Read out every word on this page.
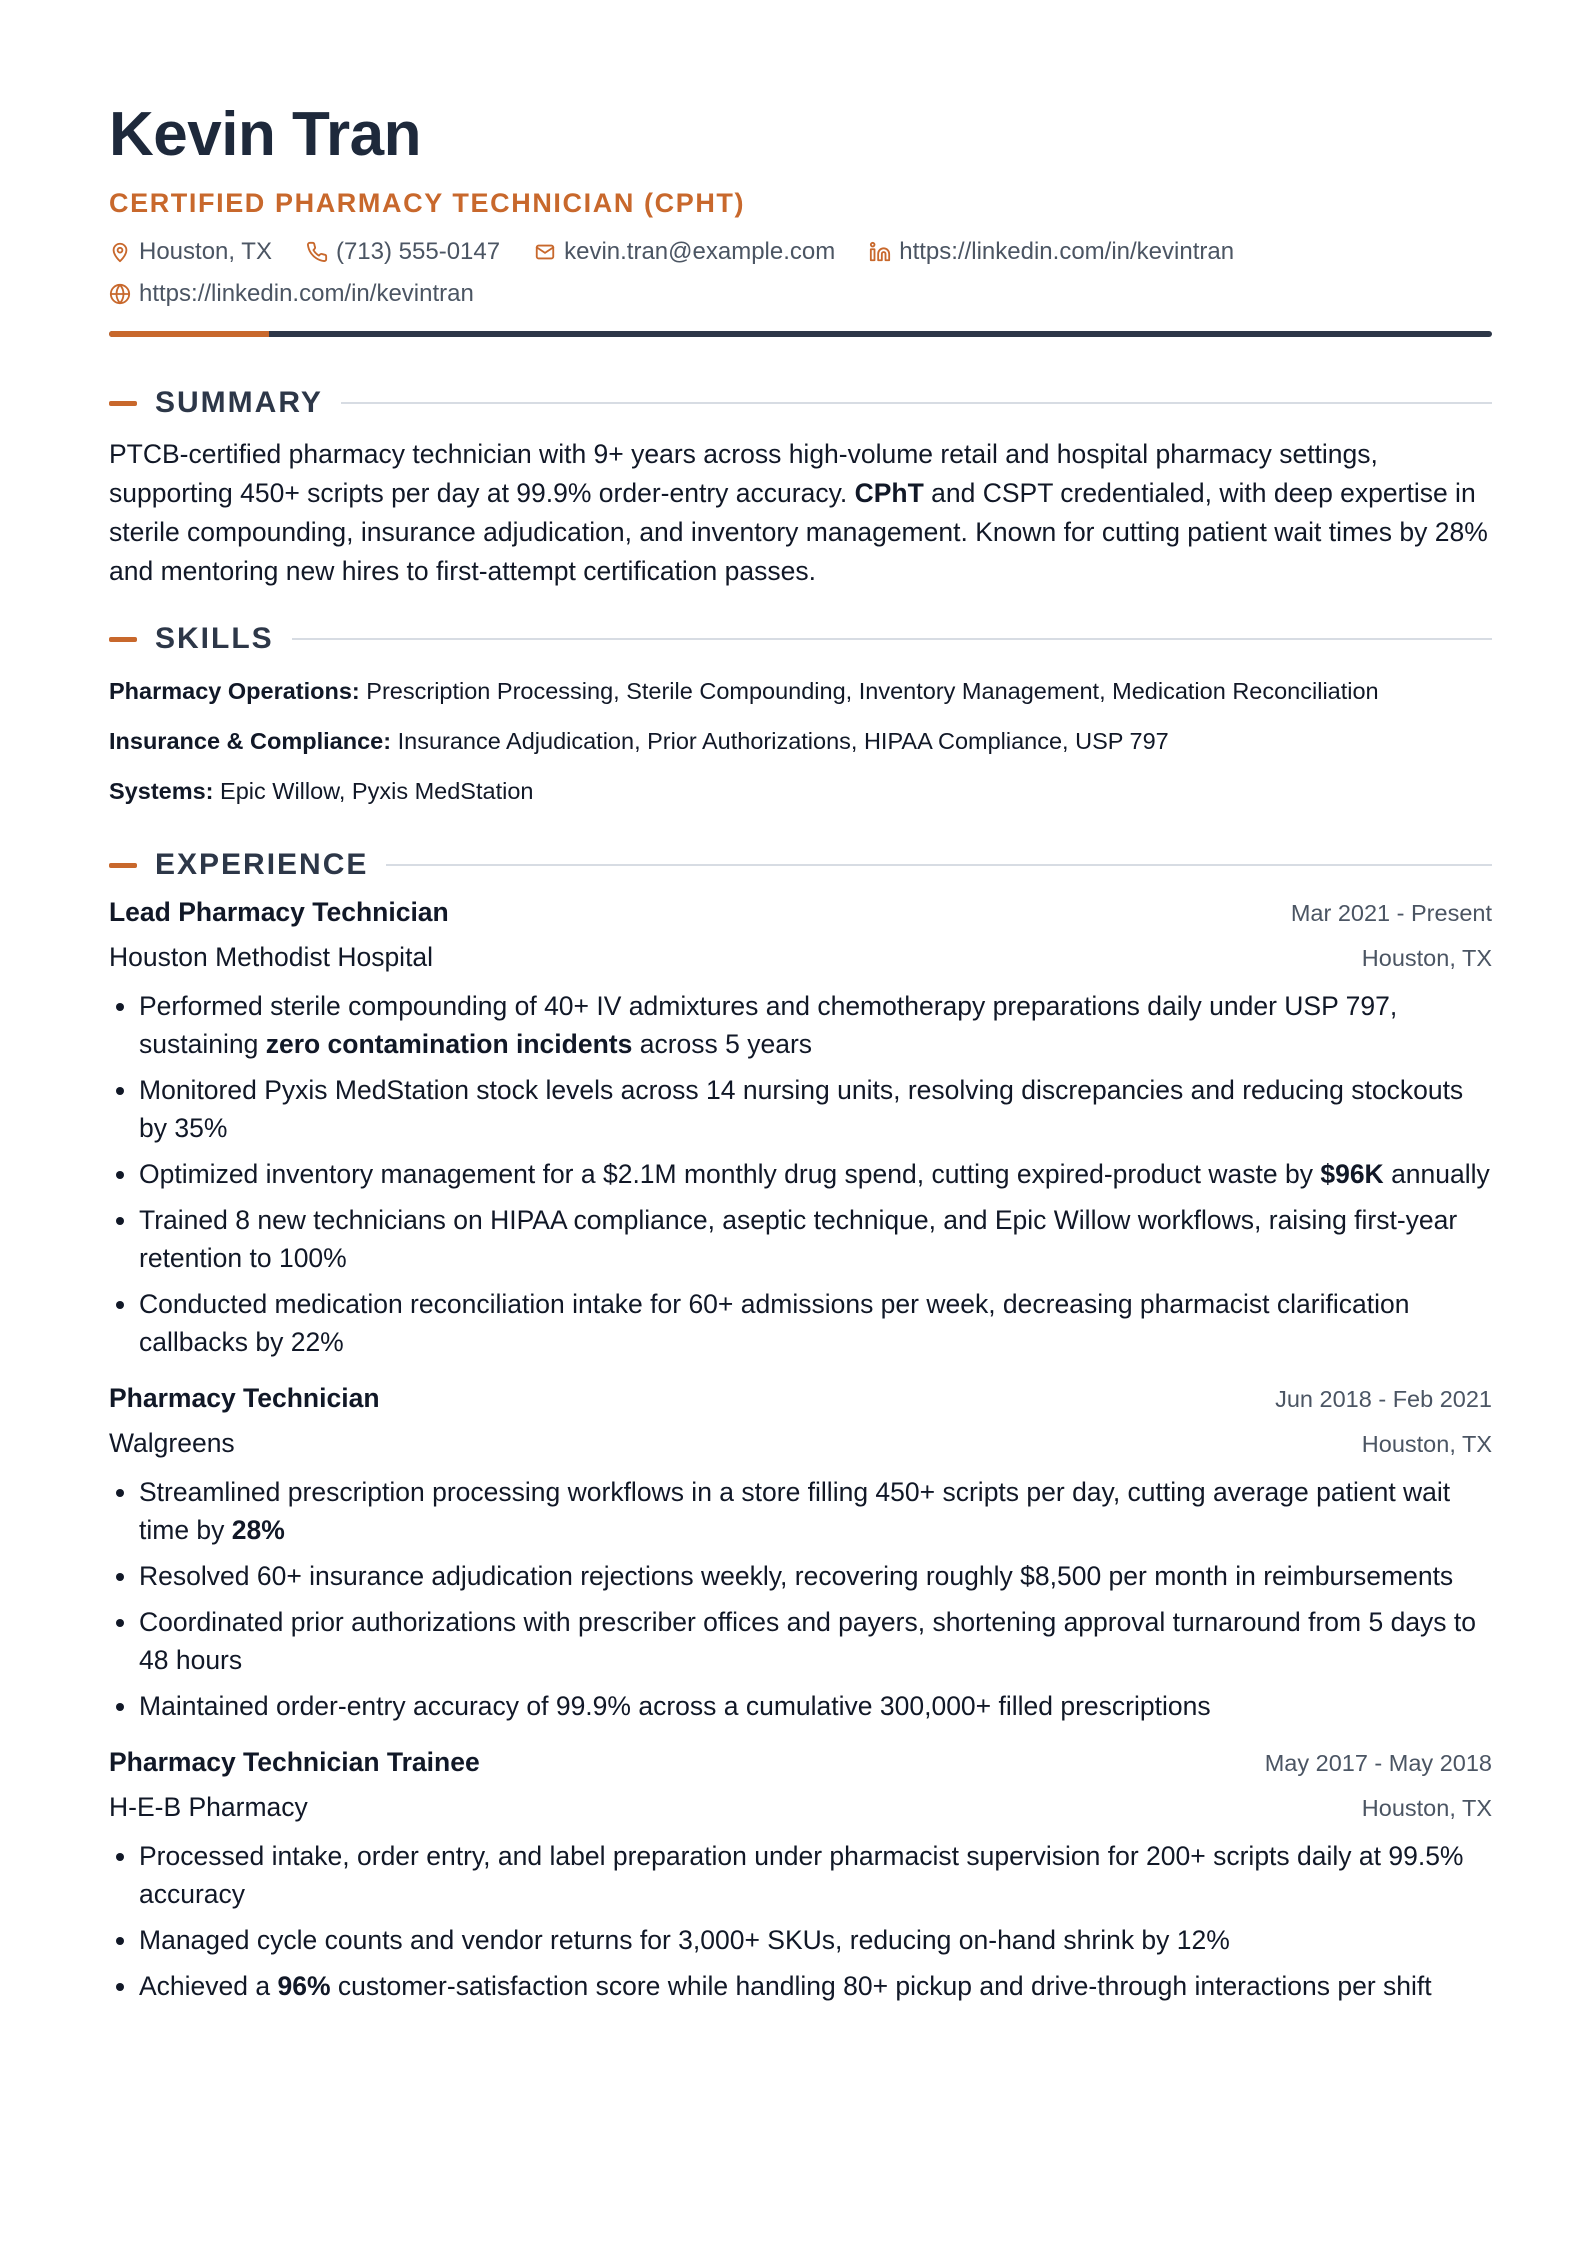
Kevin Tran
CERTIFIED PHARMACY TECHNICIAN (CPHT)
Houston, TX	(713) 555-0147	kevin.tran@example.com	https://linkedin.com/in/kevintran
https://linkedin.com/in/kevintran
SUMMARY

PTCB-certified pharmacy technician with 9+ years across high-volume retail and hospital pharmacy settings, supporting 450+ scripts per day at 99.9% order-entry accuracy. CPhT and CSPT credentialed, with deep expertise in sterile compounding, insurance adjudication, and inventory management. Known for cutting patient wait times by 28% and mentoring new hires to first-attempt certification passes.

SKILLS
Pharmacy Operations: Prescription Processing, Sterile Compounding, Inventory Management, Medication Reconciliation
Insurance & Compliance: Insurance Adjudication, Prior Authorizations, HIPAA Compliance, USP 797
Systems: Epic Willow, Pyxis MedStation
EXPERIENCE
Lead Pharmacy Technician	Mar 2021 - Present
Houston Methodist Hospital	Houston, TX
• Performed sterile compounding of 40+ IV admixtures and chemotherapy preparations daily under USP 797, sustaining zero contamination incidents across 5 years
• Monitored Pyxis MedStation stock levels across 14 nursing units, resolving discrepancies and reducing stockouts by 35%
• Optimized inventory management for a $2.1M monthly drug spend, cutting expired-product waste by $96K annually
• Trained 8 new technicians on HIPAA compliance, aseptic technique, and Epic Willow workflows, raising first-year retention to 100%
• Conducted medication reconciliation intake for 60+ admissions per week, decreasing pharmacist clarification callbacks by 22%
Pharmacy Technician	Jun 2018 - Feb 2021
Walgreens	Houston, TX
• Streamlined prescription processing workflows in a store filling 450+ scripts per day, cutting average patient wait time by 28%
• Resolved 60+ insurance adjudication rejections weekly, recovering roughly $8,500 per month in reimbursements
• Coordinated prior authorizations with prescriber offices and payers, shortening approval turnaround from 5 days to 48 hours
• Maintained order-entry accuracy of 99.9% across a cumulative 300,000+ filled prescriptions
Pharmacy Technician Trainee	May 2017 - May 2018
H-E-B Pharmacy	Houston, TX
• Processed intake, order entry, and label preparation under pharmacist supervision for 200+ scripts daily at 99.5% accuracy
• Managed cycle counts and vendor returns for 3,000+ SKUs, reducing on-hand shrink by 12%
• Achieved a 96% customer-satisfaction score while handling 80+ pickup and drive-through interactions per shift
